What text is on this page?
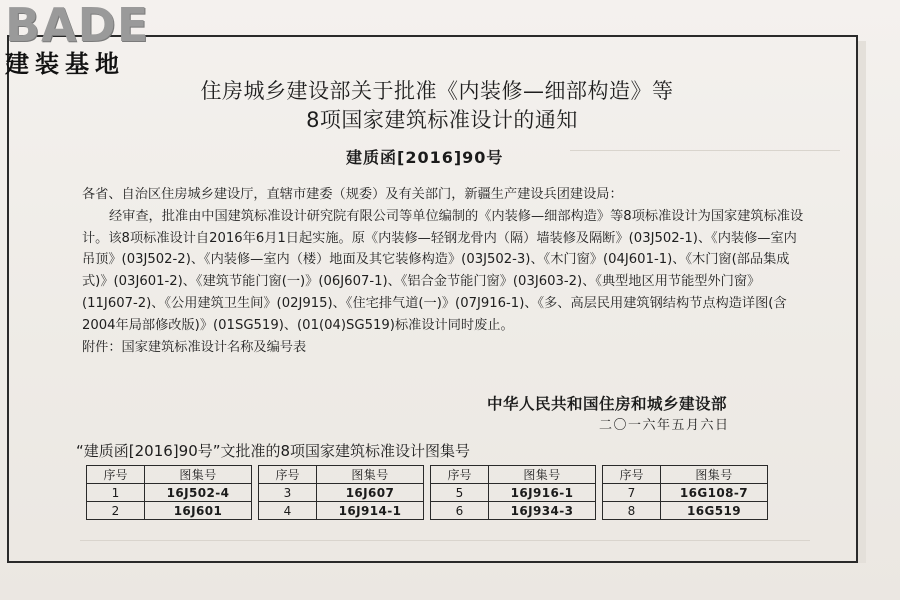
BADE
建装基地
住房城乡建设部关于批准《内装修—细部构造》等
8项国家建筑标准设计的通知
建质函[2016]90号

各省、自治区住房城乡建设厅，直辖市建委（规委）及有关部门，新疆生产建设兵团建设局：

经审查，批准由中国建筑标准设计研究院有限公司等单位编制的《内装修—细部构造》等8项标准设计为国家建筑标准设计。该8项标准设计自2016年6月1日起实施。原《内装修—轻钢龙骨内（隔）墙装修及隔断》(03J502-1)、《内装修—室内吊顶》(03J502-2)、《内装修—室内（楼）地面及其它装修构造》(03J502-3)、《木门窗》(04J601-1)、《木门窗(部品集成式)》(03J601-2)、《建筑节能门窗(一)》(06J607-1)、《铝合金节能门窗》(03J603-2)、《典型地区用节能型外门窗》(11J607-2)、《公用建筑卫生间》(02J915)、《住宅排气道(一)》(07J916-1)、《多、高层民用建筑钢结构节点构造详图(含2004年局部修改版)》(01SG519)、(01(04)SG519)标准设计同时废止。

附件：国家建筑标准设计名称及编号表

中华人民共和国住房和城乡建设部
二〇一六年五月六日
“建质函[2016]90号”文批准的8项国家建筑标准设计图集号
序号	图集号		序号	图集号		序号	图集号		序号	图集号
1	16J502-4		3	16J607		5	16J916-1		7	16G108-7
2	16J601		4	16J914-1		6	16J934-3		8	16G519
